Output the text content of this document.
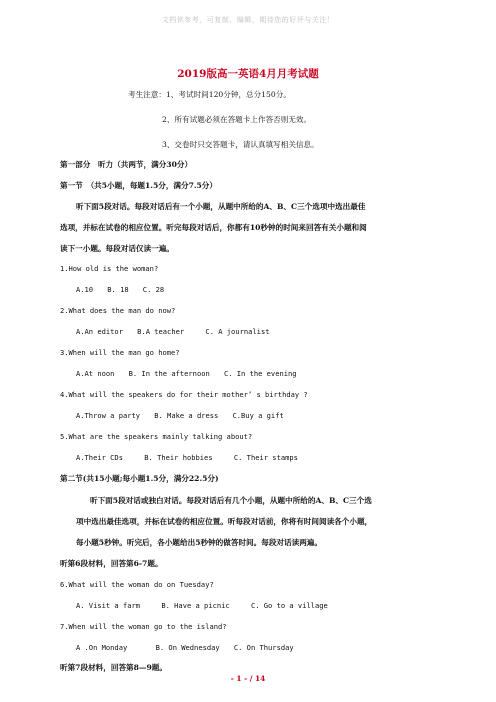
文档供参考，可复制、编辑，期待您的好评与关注！
2019版高一英语4月月考试题
考生注意：1、考试时间120分钟，总分150分。
2、所有试题必须在答题卡上作答否则无效。
3、交卷时只交答题卡，请认真填写相关信息。
第一部分　听力（共两节，满分30分）
第一节　（共5小题，每题1.5分，满分7.5分）
听下面5段对话。每段对话后有一个小题，从题中所给的A、B、C三个选项中选出最佳
选项，并标在试卷的相应位置。听完每段对话后，你都有10秒钟的时间来回答有关小题和阅
读下一小题。每段对话仅读一遍。
1.How old is the woman?
A.10　　B. 18　　C. 28
2.What does the man do now?
A.An editor　　B.A teacher　　　C. A journalist
3.When will the man go home?
A.At noon　　B. In the afternoon　　C. In the evening
4.What will the speakers do for their mother’ s birthday ?
A.Throw a party　　B. Make a dress　　C.Buy a gift
5.What are the speakers mainly talking about?
A.Their CDs　　　B. Their hobbies　　　C. Their stamps
第二节(共15小题;每小题1.5分，满分22.5分)
听下面5段对话或独白对话。每段对话后有几个小题，从题中所给的A、B、C三个选
项中选出最佳选项，并标在试卷的相应位置。听每段对话前，你将有时间阅读各个小题，
每小题5秒钟。听完后，各小题给出5秒钟的做答时间。每段对话读两遍。
听第6段材料，回答第6-7题。
6.What will the woman do on Tuesday?
A. Visit a farm　　　B. Have a picnic　　　C. Go to a village
7.When will the woman go to the island?
A .On Monday　　　　B. On Wednesday　　C. On Thursday
听第7段材料，回答第8—9题。
- 1 - / 14
